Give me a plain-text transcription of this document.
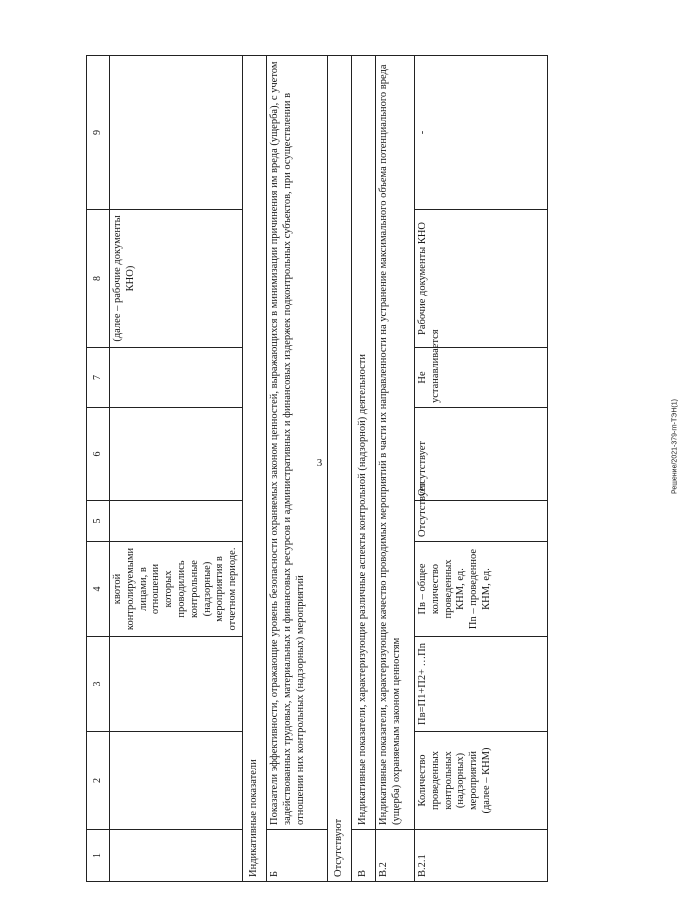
3
1	2	3	4	5	6	7	8	9
			квотой контролируемыми лицами, в отношении которых проводились контрольные (надзорные) мероприятия в отчетном периоде.				(далее – рабочие документы КНО)	
Индикативные показатели								
Б	Показатели эффективности, отражающие уровень безопасности охраняемых законом ценностей, выражающихся в минимизации причинения им вреда (ущерба), с учетом задействованных трудовых, материальных и финансовых ресурсов и административных и финансовых издержек подконтрольных субъектов, при осуществлении в отношении них контрольных (надзорных) мероприятий							
Отсутствуют								
В	Индикативные показатели, характеризующие различные аспекты контрольной (надзорной) деятельности							
В.2	Индикативные показатели, характеризующие качество проводимых мероприятий в части их направленности на устранение максимального объема потенциального вреда (ущерба) охраняемым законом ценностям							
В.2.1	Количество проведенных контрольных (надзорных) мероприятий (далее – КНМ)	Пв=П1+П2+ …Пn	Пв – общее количество проведенных КНМ, ед. Пn – проведенное КНМ, ед.	Отсутствует	Отсутствует	Не устанавливается	Рабочие документы КНО	-
Решение/2021-379-гп-ТЭН(1)
